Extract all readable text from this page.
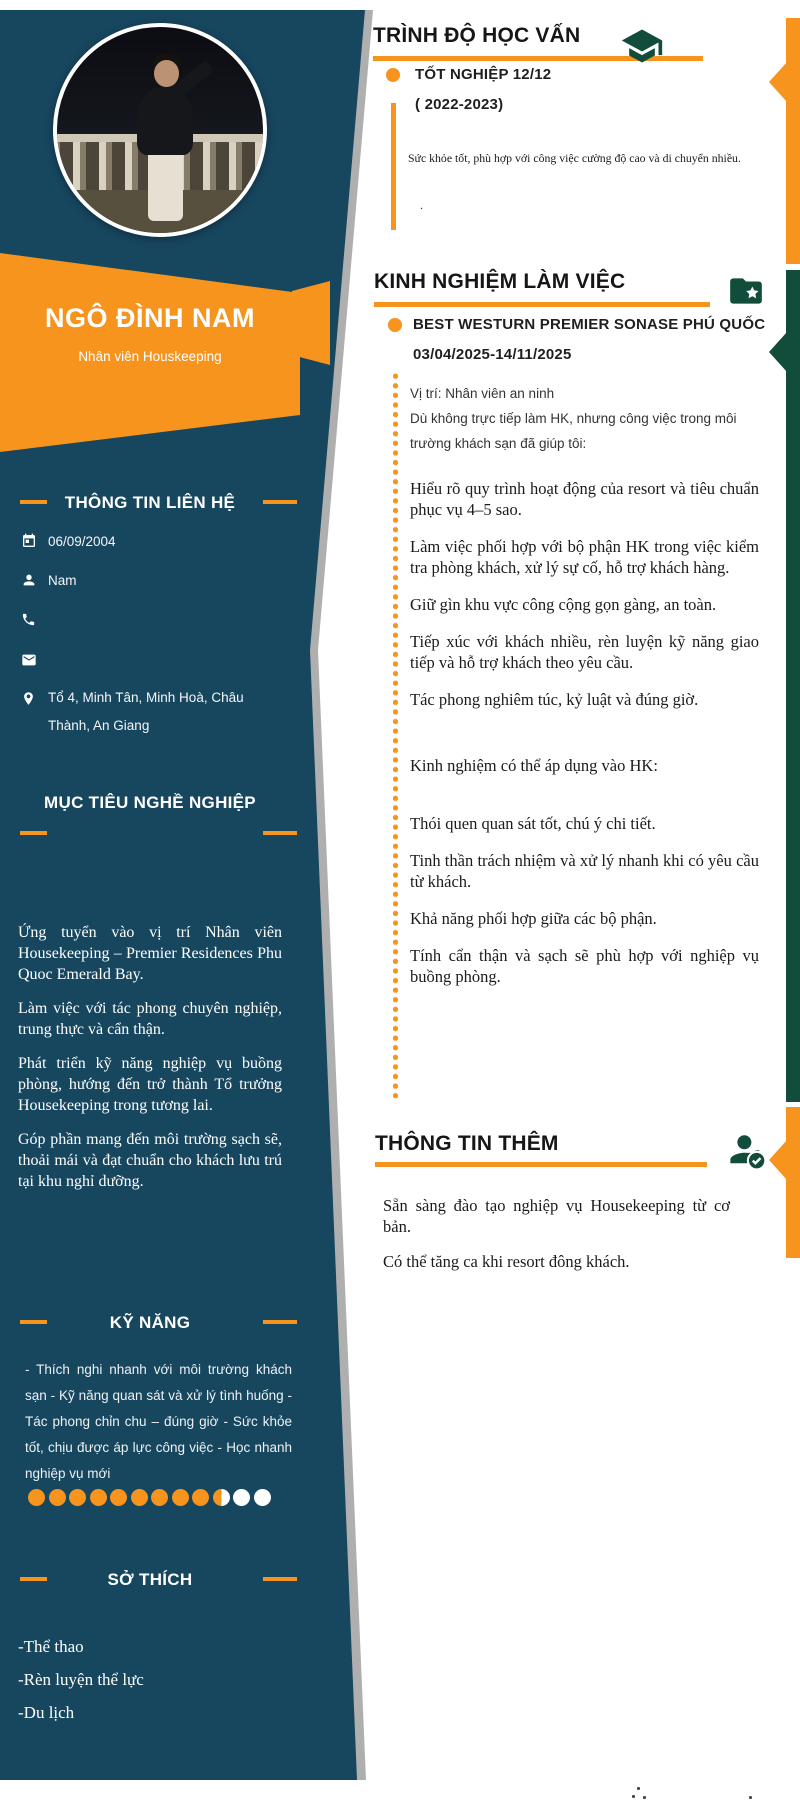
NGÔ ĐÌNH NAM
Nhân viên Houskeeping
THÔNG TIN LIÊN HỆ
06/09/2004
Nam
Tổ 4, Minh Tân, Minh Hoà, Châu Thành, An Giang
MỤC TIÊU NGHỀ NGHIỆP

Ứng tuyển vào vị trí Nhân viên Housekeeping – Premier Residences Phu Quoc Emerald Bay.

Làm việc với tác phong chuyên nghiệp, trung thực và cẩn thận.

Phát triển kỹ năng nghiệp vụ buồng phòng, hướng đến trở thành Tổ trưởng Housekeeping trong tương lai.

Góp phần mang đến môi trường sạch sẽ, thoải mái và đạt chuẩn cho khách lưu trú tại khu nghỉ dưỡng.

KỸ NĂNG
- Thích nghi nhanh với môi trường khách sạn - Kỹ năng quan sát và xử lý tình huống - Tác phong chỉn chu – đúng giờ - Sức khỏe tốt, chịu được áp lực công việc - Học nhanh nghiệp vụ mới
SỞ THÍCH
-Thể thao
-Rèn luyện thể lực
-Du lịch
TRÌNH ĐỘ HỌC VẤN
TỐT NGHIỆP 12/12
( 2022-2023)
Sức khỏe tốt, phù hợp với công việc cường độ cao và di chuyển nhiều.
.
KINH NGHIỆM LÀM VIỆC
BEST WESTURN PREMIER SONASE PHÚ QUỐC
03/04/2025-14/11/2025

Vị trí: Nhân viên an ninh

Dù không trực tiếp làm HK, nhưng công việc trong môi trường khách sạn đã giúp tôi:

Hiểu rõ quy trình hoạt động của resort và tiêu chuẩn phục vụ 4–5 sao.

Làm việc phối hợp với bộ phận HK trong việc kiểm tra phòng khách, xử lý sự cố, hỗ trợ khách hàng.

Giữ gìn khu vực công cộng gọn gàng, an toàn.

Tiếp xúc với khách nhiều, rèn luyện kỹ năng giao tiếp và hỗ trợ khách theo yêu cầu.

Tác phong nghiêm túc, kỷ luật và đúng giờ.

Kinh nghiệm có thể áp dụng vào HK:

Thói quen quan sát tốt, chú ý chi tiết.

Tinh thần trách nhiệm và xử lý nhanh khi có yêu cầu từ khách.

Khả năng phối hợp giữa các bộ phận.

Tính cẩn thận và sạch sẽ phù hợp với nghiệp vụ buồng phòng.

THÔNG TIN THÊM

Sẵn sàng đào tạo nghiệp vụ Housekeeping từ cơ bản.

Có thể tăng ca khi resort đông khách.
